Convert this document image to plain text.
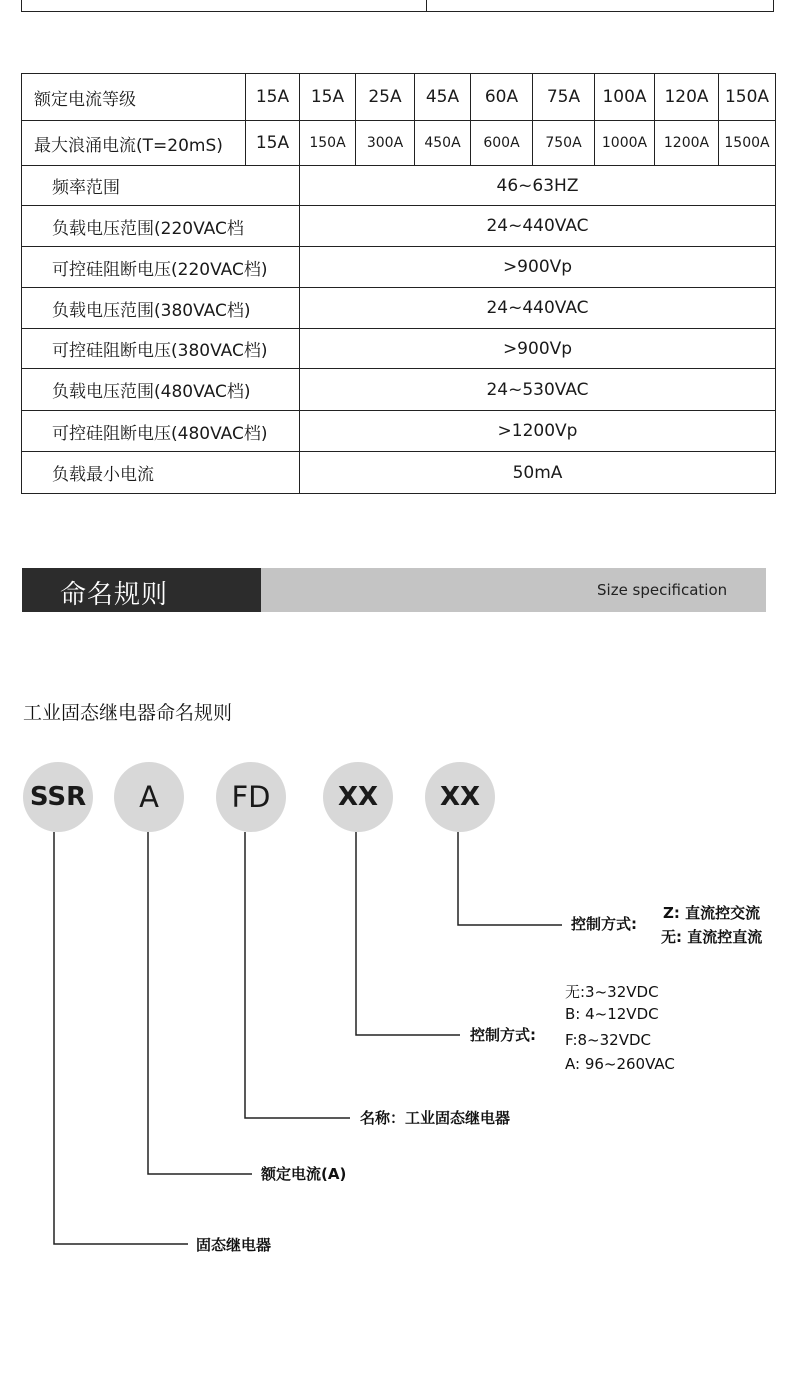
额定电流等级	15A	15A	25A	45A	60A	75A	100A	120A	150A
最大浪涌电流(T=20mS)	15A	150A	300A	450A	600A	750A	1000A	1200A	1500A
频率范围		46~63HZ							
负载电压范围(220VAC档		24~440VAC							
可控硅阻断电压(220VAC档)		>900Vp							
负载电压范围(380VAC档)		24~440VAC							
可控硅阻断电压(380VAC档)		>900Vp							
负载电压范围(480VAC档)		24~530VAC							
可控硅阻断电压(480VAC档)		>1200Vp							
负载最小电流		50mA							
命名规则	Size specification
工业固态继电器命名规则
SSR	A	FD	XX	XX
控制方式:
Z: 直流控交流
无: 直流控直流
无:3~32VDC
B: 4~12VDC
F:8~32VDC
A: 96~260VAC
控制方式:
名称：工业固态继电器
额定电流(A)
固态继电器
